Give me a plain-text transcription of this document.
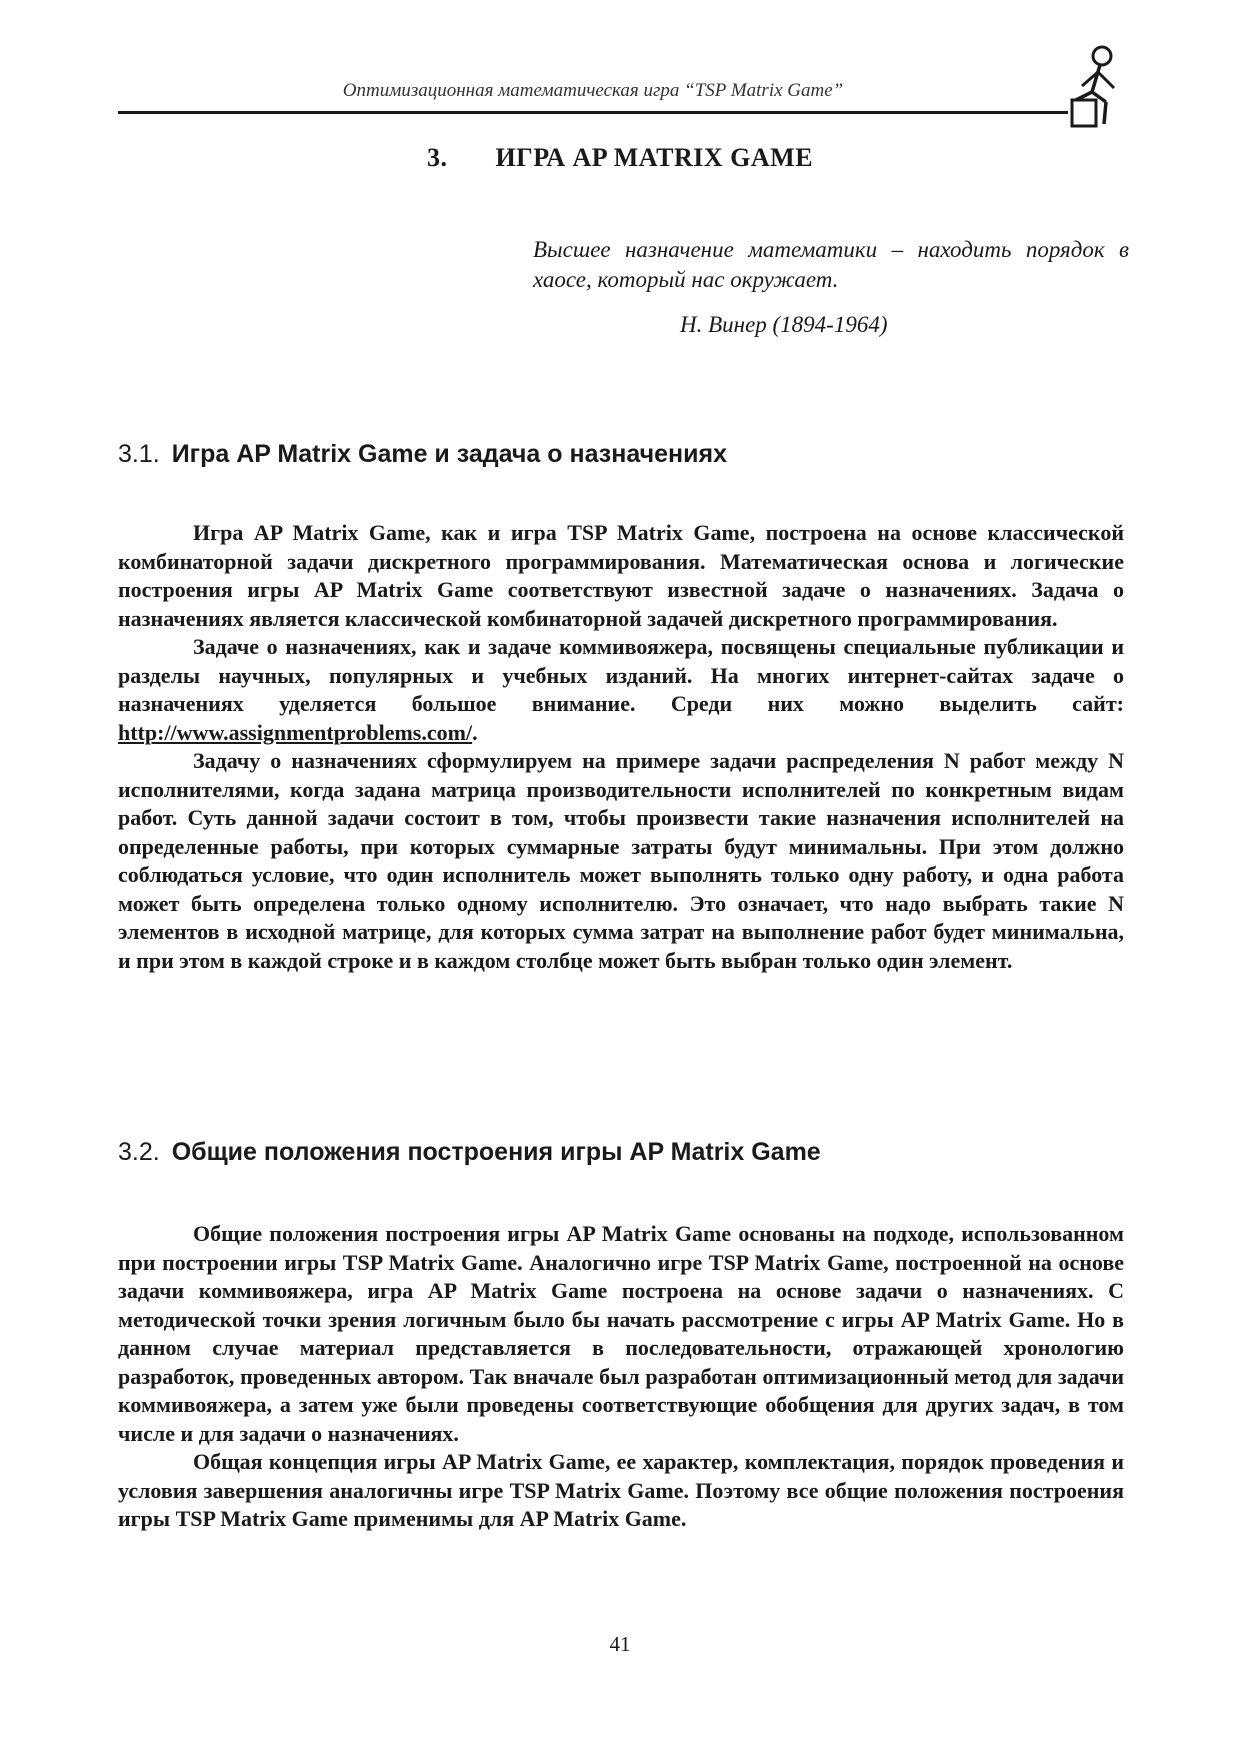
Оптимизационная математическая игра “TSP Matrix Game”
3. ИГРА AP MATRIX GAME
Высшее назначение математики – находить порядок в хаосе, который нас окружает.
Н. Винер (1894-1964)
3.1. Игра AP Matrix Game и задача о назначениях

Игра AP Matrix Game, как и игра TSP Matrix Game, построена на основе классической комбинаторной задачи дискретного программирования. Математическая основа и логические построения игры AP Matrix Game соответствуют известной задаче о назначениях. Задача о назначениях является классической комбинаторной задачей дискретного программирования.

Задаче о назначениях, как и задаче коммивояжера, посвящены специальные публикации и разделы научных, популярных и учебных изданий. На многих интернет-сайтах задаче о назначениях уделяется большое внимание. Среди них можно выделить сайт: http://www.assignmentproblems.com/.

Задачу о назначениях сформулируем на примере задачи распределения N работ между N исполнителями, когда задана матрица производительности исполнителей по конкретным видам работ. Суть данной задачи состоит в том, чтобы произвести такие назначения исполнителей на определенные работы, при которых суммарные затраты будут минимальны. При этом должно соблюдаться условие, что один исполнитель может выполнять только одну работу, и одна работа может быть определена только одному исполнителю. Это означает, что надо выбрать такие N элементов в исходной матрице, для которых сумма затрат на выполнение работ будет минимальна, и при этом в каждой строке и в каждом столбце может быть выбран только один элемент.

3.2. Общие положения построения игры AP Matrix Game

Общие положения построения игры AP Matrix Game основаны на подходе, использованном при построении игры TSP Matrix Game. Аналогично игре TSP Matrix Game, построенной на основе задачи коммивояжера, игра AP Matrix Game построена на основе задачи о назначениях. С методической точки зрения логичным было бы начать рассмотрение с игры AP Matrix Game. Но в данном случае материал представляется в последовательности, отражающей хронологию разработок, проведенных автором. Так вначале был разработан оптимизационный метод для задачи коммивояжера, а затем уже были проведены соответствующие обобщения для других задач, в том числе и для задачи о назначениях.

Общая концепция игры AP Matrix Game, ее характер, комплектация, порядок проведения и условия завершения аналогичны игре TSP Matrix Game. Поэтому все общие положения построения игры TSP Matrix Game применимы для AP Matrix Game.

41
